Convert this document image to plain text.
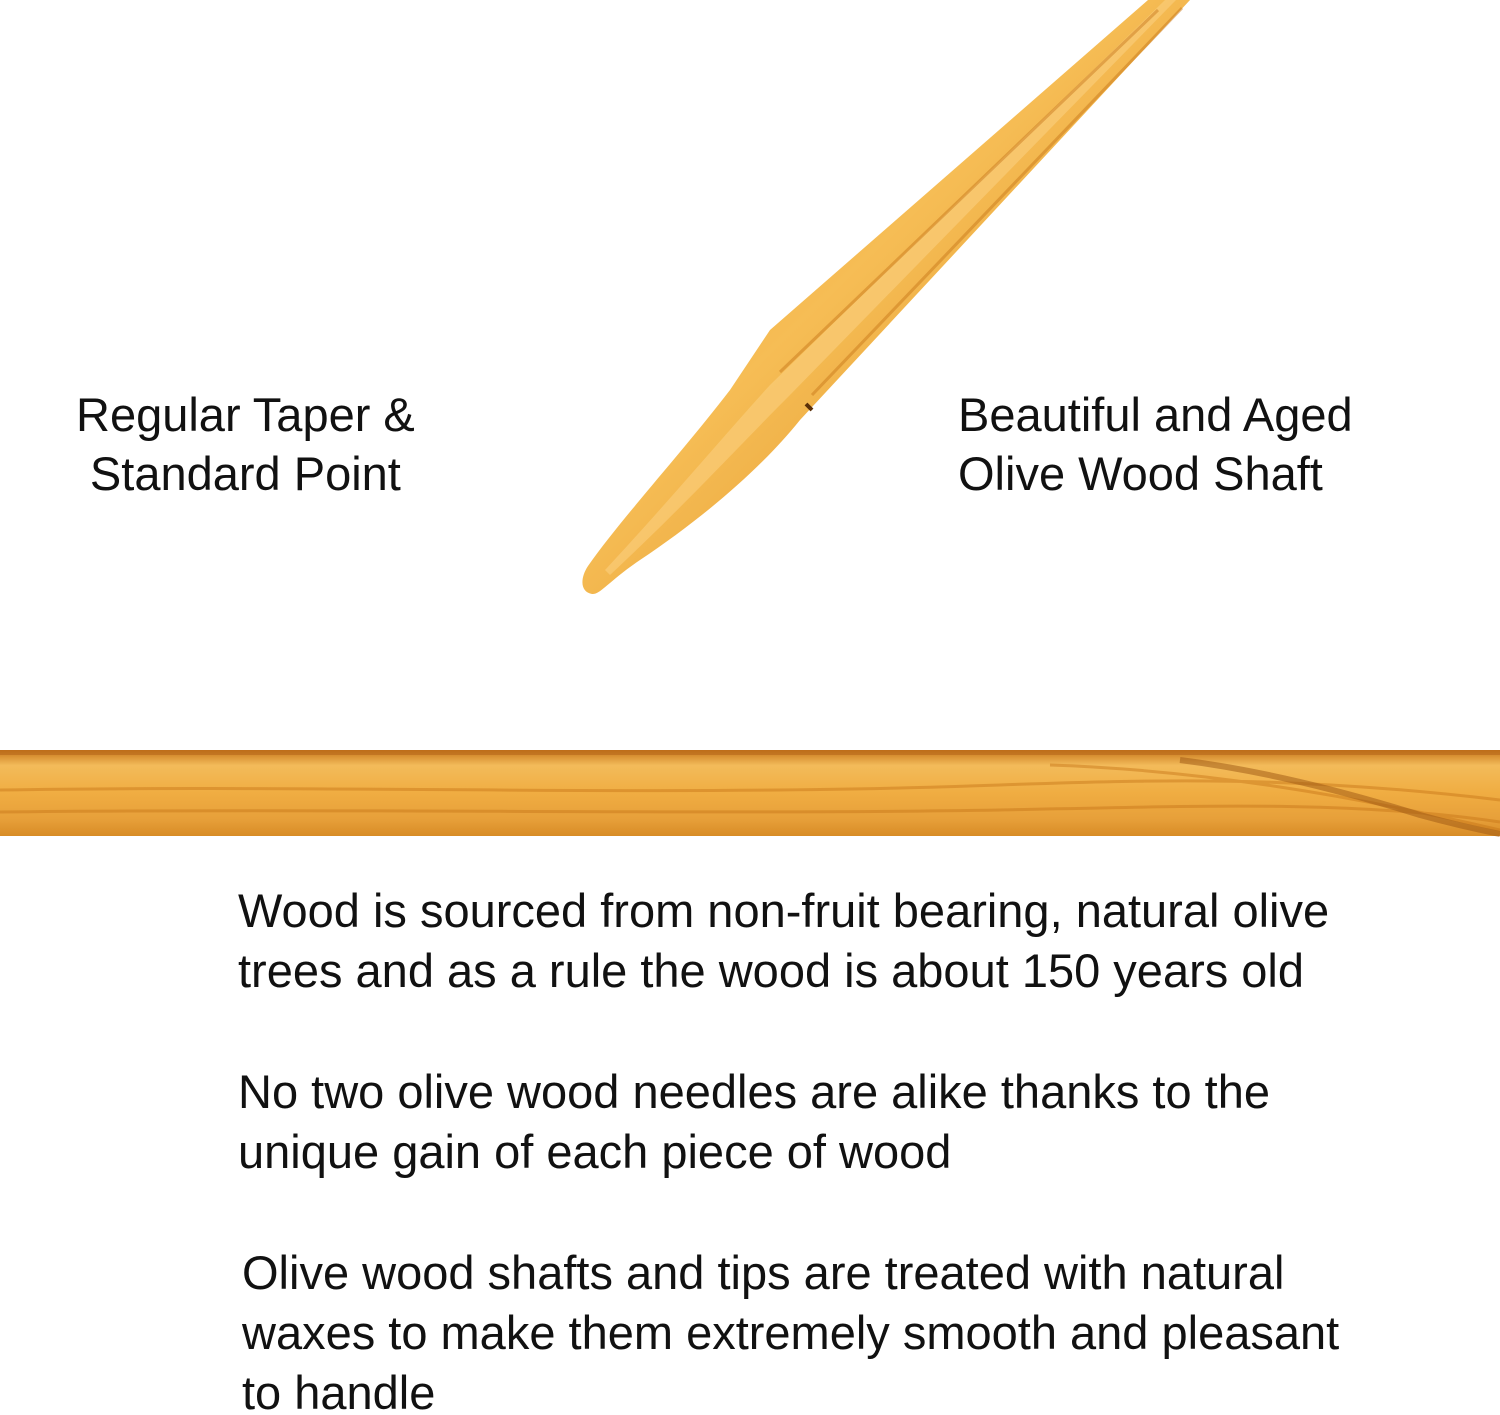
Regular Taper &
Standard Point
Beautiful and Aged
Olive Wood Shaft
Wood is sourced from non-fruit bearing, natural olive
trees and as a rule the wood is about 150 years old
No two olive wood needles are alike thanks to the
unique gain of each piece of wood
Olive wood shafts and tips are treated with natural
waxes to make them extremely smooth and pleasant
to handle
